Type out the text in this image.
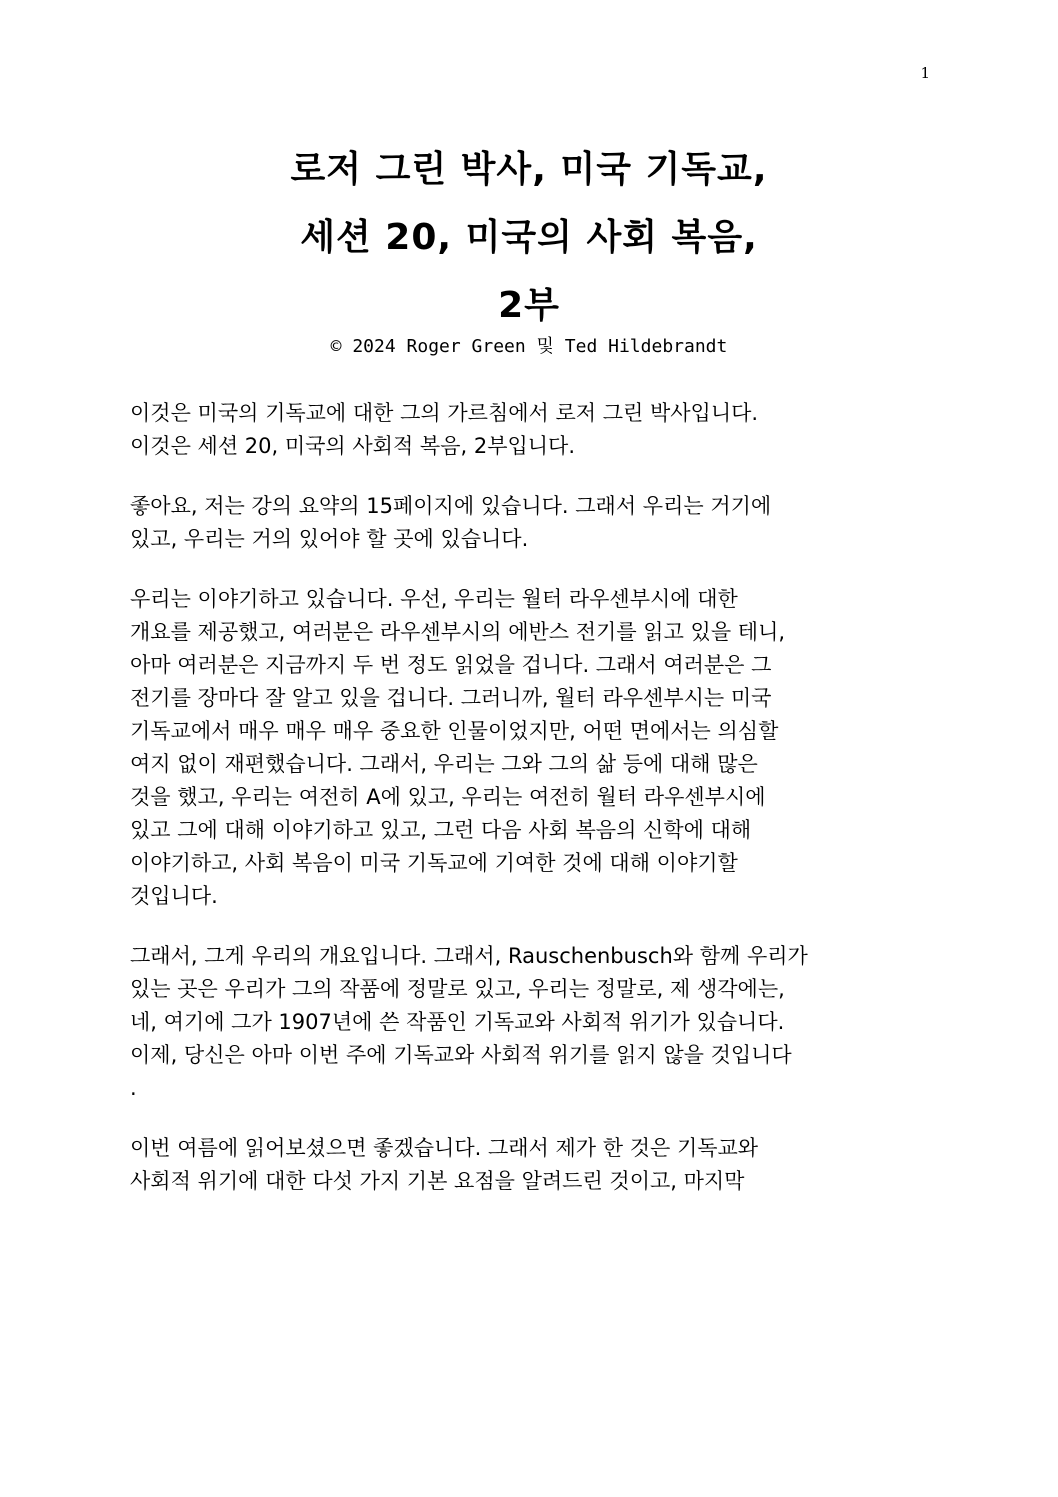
1
로저 그린 박사, 미국 기독교,
세션 20, 미국의 사회 복음,
2부
© 2024 Roger Green 및 Ted Hildebrandt
이것은 미국의 기독교에 대한 그의 가르침에서 로저 그린 박사입니다.
이것은 세션 20, 미국의 사회적 복음, 2부입니다.
좋아요, 저는 강의 요약의 15페이지에 있습니다. 그래서 우리는 거기에
있고, 우리는 거의 있어야 할 곳에 있습니다.
우리는 이야기하고 있습니다. 우선, 우리는 월터 라우센부시에 대한
개요를 제공했고, 여러분은 라우센부시의 에반스 전기를 읽고 있을 테니,
아마 여러분은 지금까지 두 번 정도 읽었을 겁니다. 그래서 여러분은 그
전기를 장마다 잘 알고 있을 겁니다. 그러니까, 월터 라우센부시는 미국
기독교에서 매우 매우 매우 중요한 인물이었지만, 어떤 면에서는 의심할
여지 없이 재편했습니다. 그래서, 우리는 그와 그의 삶 등에 대해 많은
것을 했고, 우리는 여전히 A에 있고, 우리는 여전히 월터 라우센부시에
있고 그에 대해 이야기하고 있고, 그런 다음 사회 복음의 신학에 대해
이야기하고, 사회 복음이 미국 기독교에 기여한 것에 대해 이야기할
것입니다.
그래서, 그게 우리의 개요입니다. 그래서, Rauschenbusch와 함께 우리가
있는 곳은 우리가 그의 작품에 정말로 있고, 우리는 정말로, 제 생각에는,
네, 여기에 그가 1907년에 쓴 작품인 기독교와 사회적 위기가 있습니다.
이제, 당신은 아마 이번 주에 기독교와 사회적 위기를 읽지 않을 것입니다
.
이번 여름에 읽어보셨으면 좋겠습니다. 그래서 제가 한 것은 기독교와
사회적 위기에 대한 다섯 가지 기본 요점을 알려드린 것이고, 마지막
